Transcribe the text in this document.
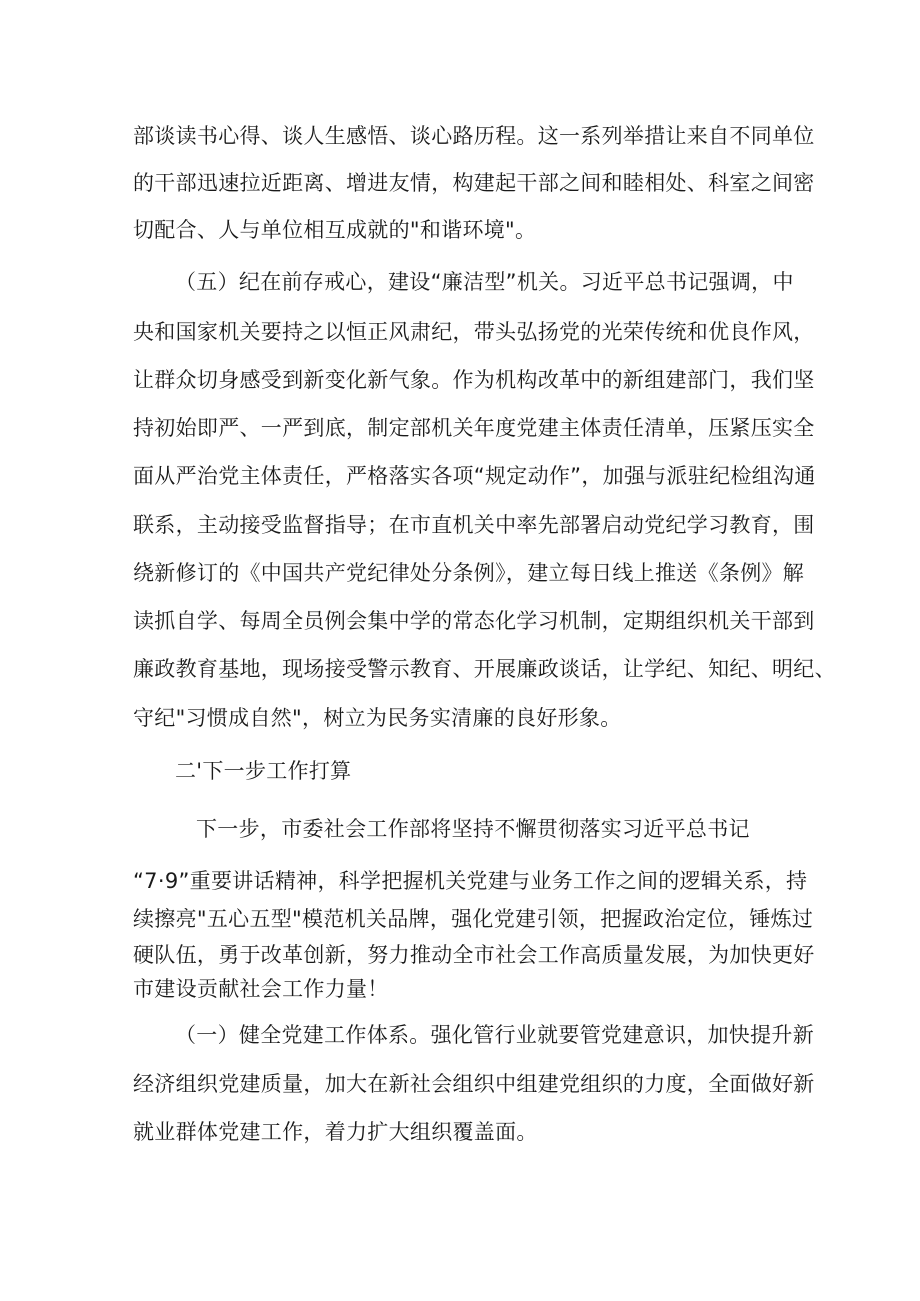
部谈读书心得、谈人生感悟、谈心路历程。这一系列举措让来自不同单位
的干部迅速拉近距离、增进友情，构建起干部之间和睦相处、科室之间密
切配合、人与单位相互成就的"和谐环境"。
（五）纪在前存戒心，建设“廉洁型”机关。习近平总书记强调，中
央和国家机关要持之以恒正风肃纪，带头弘扬党的光荣传统和优良作风，
让群众切身感受到新变化新气象。作为机构改革中的新组建部门，我们坚
持初始即严、一严到底，制定部机关年度党建主体责任清单，压紧压实全
面从严治党主体责任，严格落实各项“规定动作”，加强与派驻纪检组沟通
联系，主动接受监督指导；在市直机关中率先部署启动党纪学习教育，围
绕新修订的《中国共产党纪律处分条例》，建立每日线上推送《条例》解
读抓自学、每周全员例会集中学的常态化学习机制，定期组织机关干部到
廉政教育基地，现场接受警示教育、开展廉政谈话，让学纪、知纪、明纪、
守纪"习惯成自然"，树立为民务实清廉的良好形象。
二'下一步工作打算
下一步，市委社会工作部将坚持不懈贯彻落实习近平总书记
“7·9”重要讲话精神，科学把握机关党建与业务工作之间的逻辑关系，持
续擦亮"五心五型"模范机关品牌，强化党建引领，把握政治定位，锤炼过
硬队伍，勇于改革创新，努力推动全市社会工作高质量发展，为加快更好
市建设贡献社会工作力量！
（一）健全党建工作体系。强化管行业就要管党建意识，加快提升新
经济组织党建质量，加大在新社会组织中组建党组织的力度，全面做好新
就业群体党建工作，着力扩大组织覆盖面。
